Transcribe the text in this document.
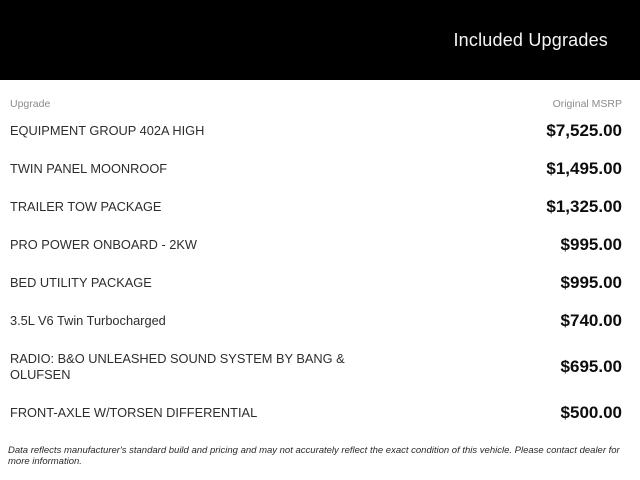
Included Upgrades
Upgrade	Original MSRP
EQUIPMENT GROUP 402A HIGH	$7,525.00
TWIN PANEL MOONROOF	$1,495.00
TRAILER TOW PACKAGE	$1,325.00
PRO POWER ONBOARD - 2KW	$995.00
BED UTILITY PACKAGE	$995.00
3.5L V6 Twin Turbocharged	$740.00
RADIO: B&O UNLEASHED SOUND SYSTEM BY BANG & OLUFSEN	$695.00
FRONT-AXLE W/TORSEN DIFFERENTIAL	$500.00
Data reflects manufacturer's standard build and pricing and may not accurately reflect the exact condition of this vehicle. Please contact dealer for more information.
